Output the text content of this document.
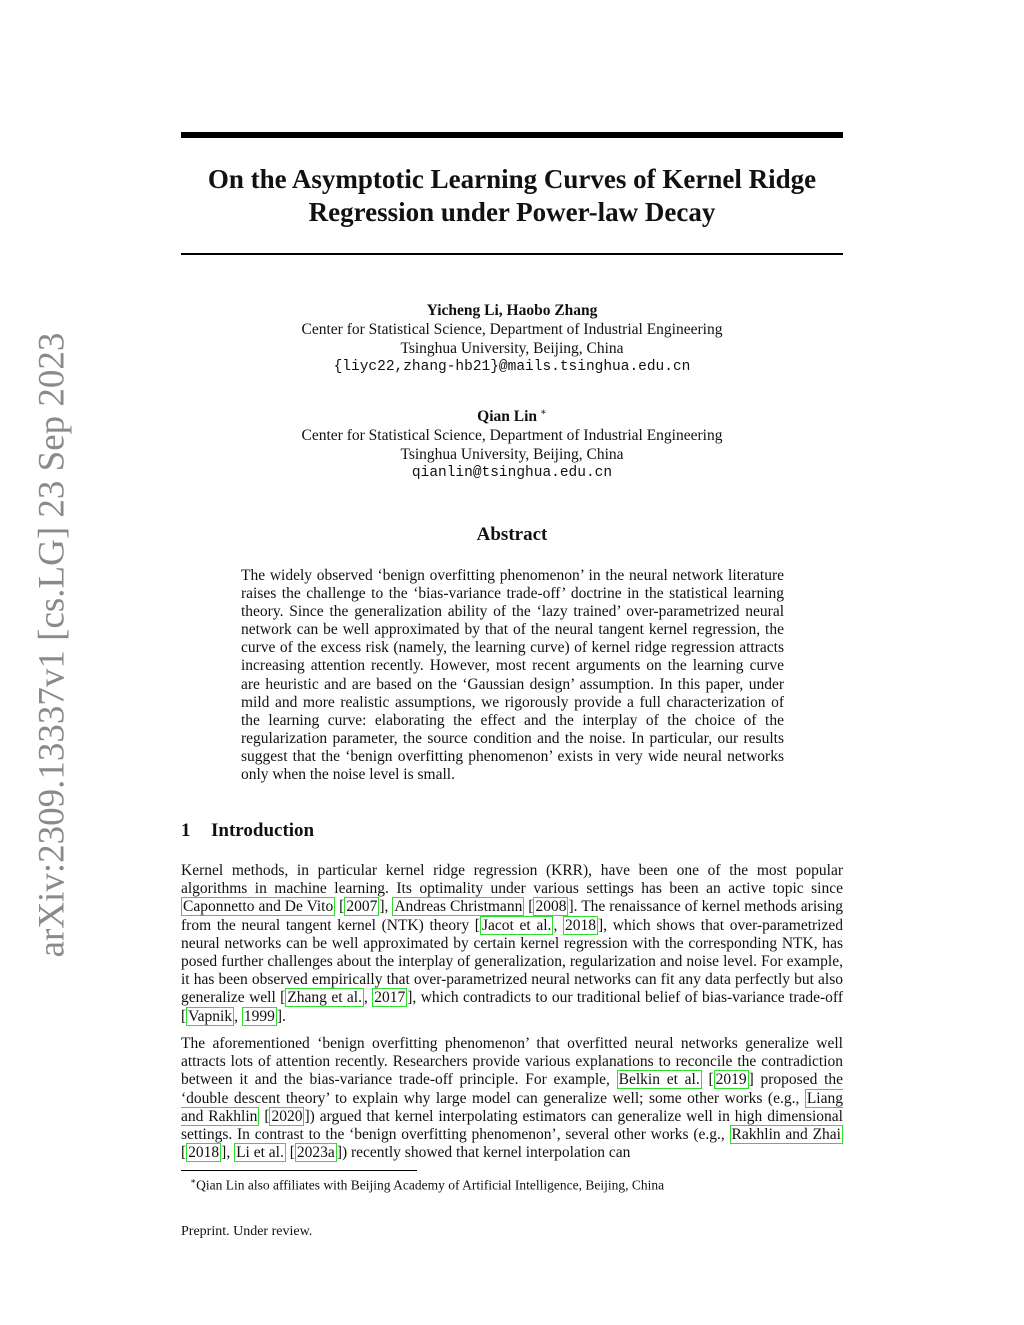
arXiv:2309.13337v1 [cs.LG] 23 Sep 2023
On the Asymptotic Learning Curves of Kernel Ridge
Regression under Power-law Decay
Yicheng Li, Haobo Zhang
Center for Statistical Science, Department of Industrial Engineering
Tsinghua University, Beijing, China
{liyc22,zhang-hb21}@mails.tsinghua.edu.cn
Qian Lin ∗
Center for Statistical Science, Department of Industrial Engineering
Tsinghua University, Beijing, China
qianlin@tsinghua.edu.cn
Abstract
The widely observed ‘benign overfitting phenomenon’ in the neural network literature raises the challenge to the ‘bias-variance trade-off’ doctrine in the statistical learning theory. Since the generalization ability of the ‘lazy trained’ over-parametrized neural network can be well approximated by that of the neural tangent kernel regression, the curve of the excess risk (namely, the learning curve) of kernel ridge regression attracts increasing attention recently. However, most recent arguments on the learning curve are heuristic and are based on the ‘Gaussian design’ assumption. In this paper, under mild and more realistic assumptions, we rigorously provide a full characterization of the learning curve: elaborating the effect and the interplay of the choice of the regularization parameter, the source condition and the noise. In particular, our results suggest that the ‘benign overfitting phenomenon’ exists in very wide neural networks only when the noise level is small.
1 Introduction
Kernel methods, in particular kernel ridge regression (KRR), have been one of the most popular algorithms in machine learning. Its optimality under various settings has been an active topic since Caponnetto and De Vito [ 2007 ], Andreas Christmann [ 2008 ]. The renaissance of kernel methods arising from the neural tangent kernel (NTK) theory [ Jacot et al. , 2018 ], which shows that over-parametrized neural networks can be well approximated by certain kernel regression with the corresponding NTK, has posed further challenges about the interplay of generalization, regularization and noise level. For example, it has been observed empirically that over-parametrized neural networks can fit any data perfectly but also generalize well [ Zhang et al. , 2017 ], which contradicts to our traditional belief of bias-variance trade-off [ Vapnik , 1999 ].
The aforementioned ‘benign overfitting phenomenon’ that overfitted neural networks generalize well attracts lots of attention recently. Researchers provide various explanations to reconcile the contradiction between it and the bias-variance trade-off principle. For example, Belkin et al. [ 2019 ] proposed the ‘double descent theory’ to explain why large model can generalize well; some other works (e.g., Liang and Rakhlin [ 2020 ]) argued that kernel interpolating estimators can generalize well in high dimensional settings. In contrast to the ‘benign overfitting phenomenon’, several other works (e.g., Rakhlin and Zhai [ 2018 ], Li et al. [ 2023a ]) recently showed that kernel interpolation can
∗Qian Lin also affiliates with Beijing Academy of Artificial Intelligence, Beijing, China
Preprint. Under review.
